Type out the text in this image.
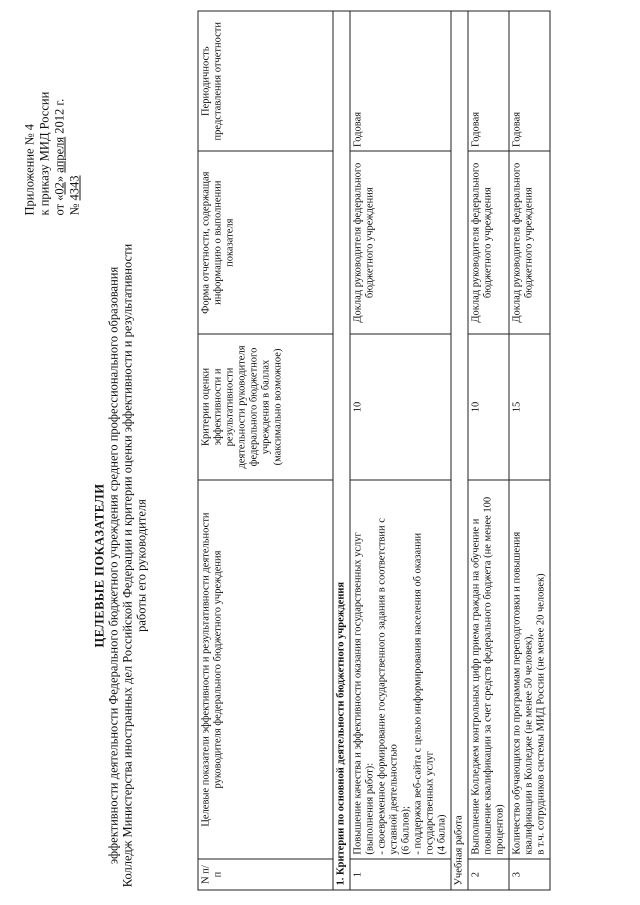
Приложение № 4 к приказу МИД России от «02» апреля 2012 г.
№ 4343
ЦЕЛЕВЫЕ ПОКАЗАТЕЛИ эффективности деятельности Федерального бюджетного учреждения среднего профессионального образования Колледж Министерства иностранных дел Российской Федерации и критерии оценки эффективности и результативности работы его руководителя
N п/п	Целевые показатели эффективности и результативности деятельности руководителя федерального бюджетного учреждения	Критерии оценки эффективности и результативности деятельности руководителя федерального бюджетного учреждения в баллах (максимально возможное)	Форма отчетности, содержащая информацию о выполнении показателя	Периодичность представления отчетности
1. Критерии по основной деятельности бюджетного учреждения				
1	Повышение качества и эффективности оказания государственных услуг (выполнения работ): - своевременное формирование государственного задания в соответствии с уставной деятельностью (6 баллов); - поддержка веб-сайта с целью информирования населения об оказании государственных услуг (4 балла)	10	Доклад руководителя федерального бюджетного учреждения	Годовая
Учебная работа				
2	Выполнение Колледжем контрольных цифр приема граждан на обучение и повышение квалификации за счет средств федерального бюджета (не менее 100 процентов)	10	Доклад руководителя федерального бюджетного учреждения	Годовая
3	Количество обучающихся по программам переподготовки и повышения квалификации в Колледже (не менее 50 человек), в т.ч. сотрудников системы МИД России (не менее 20 человек)	15	Доклад руководителя федерального бюджетного учреждения	Годовая
